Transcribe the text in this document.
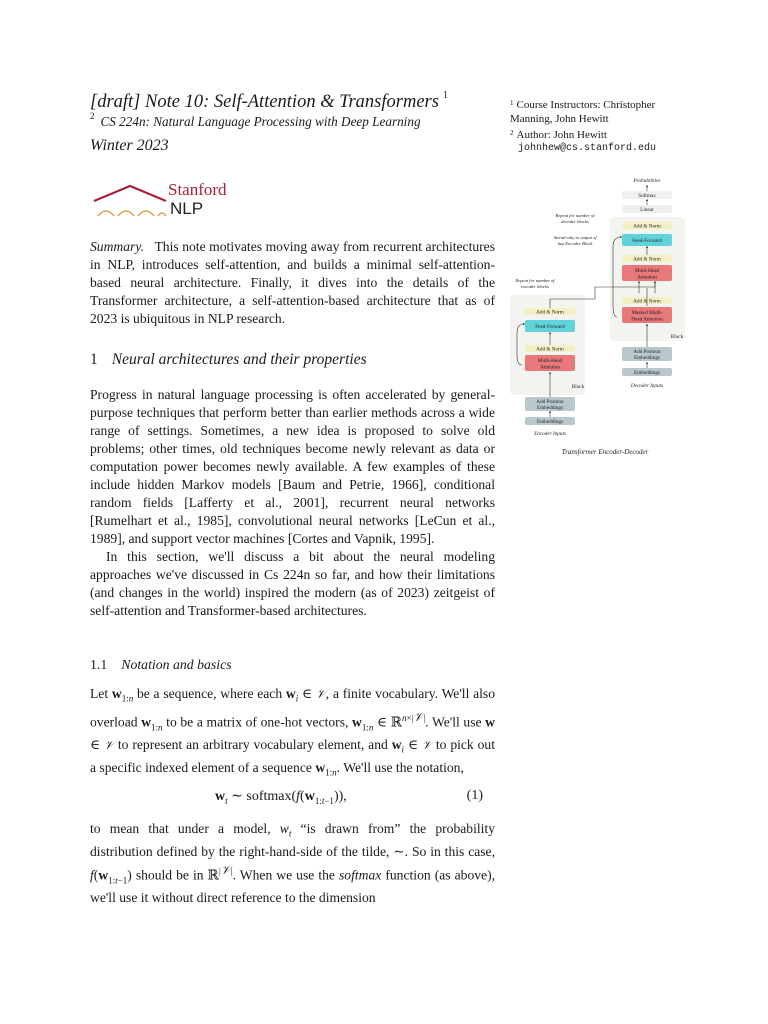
[draft] Note 10: Self-Attention & Transformers $^1$
$^2$ CS 224n: Natural Language Processing with Deep Learning
Winter 2023
Stanford
NLP

Summary. This note motivates moving away from recurrent architectures in NLP, introduces self-attention, and builds a minimal self-attention-based neural architecture. Finally, it dives into the details of the Transformer architecture, a self-attention-based architecture that as of 2023 is ubiquitous in NLP research.

1 Neural architectures and their properties

Progress in natural language processing is often accelerated by general-purpose techniques that perform better than earlier methods across a wide range of settings. Sometimes, a new idea is proposed to solve old problems; other times, old techniques become newly relevant as data or computation power becomes newly available. A few examples of these include hidden Markov models [Baum and Petrie, 1966], conditional random fields [Lafferty et al., 2001], recurrent neural networks [Rumelhart et al., 1985], convolutional neural networks [LeCun et al., 1989], and support vector machines [Cortes and Vapnik, 1995].

In this section, we'll discuss a bit about the neural modeling approaches we've discussed in Cs 224n so far, and how their limitations (and changes in the world) inspired the modern (as of 2023) zeitgeist of self-attention and Transformer-based architectures.

1.1 Notation and basics

Let $w_{1:n}$ be a sequence, where each $w_i$ ∈ 𝒱, a finite vocabulary. We'll also overload $w_{1:n}$ to be a matrix of one-hot vectors, $w_{1:n}$ ∈ ℝ$^{n\times|𝒱|}$. We'll use w ∈ 𝒱 to represent an arbitrary vocabulary element, and $w_i$ ∈ 𝒱 to pick out a specific indexed element of a sequence $w_{1:n}$. We'll use the notation,

$w_t$ ∼ $softmax(f(w_{1:t-1}))$,	(1)

to mean that under a model, $w_t$ “is drawn from” the probability distribution defined by the right-hand-side of the tilde, ∼. So in this case, $f(w_{1:t-1})$ should be in ℝ$^{|𝒱|}$. When we use the softmax function (as above), we'll use it without direct reference to the dimension

$^1$ Course Instructors: Christopher Manning, John Hewitt
$^2$ Author: John Hewitt
johnhew@cs.stanford.edu
Probabilities
Softmax
Linear
Add & Norm
Feed-Forward
Add & Norm
Multi-Head
Attention
Add & Norm
Masked Multi-
Head Attention
Block
Add Position
Embeddings
Embeddings
Decoder Inputs
Repeat for number of
decoder blocks
Attend only to output of
last Encoder Block
Repeat for number of
encoder blocks
Add & Norm
Feed-Forward
Add & Norm
Multi-Head
Attention
Block
Add Position
Embeddings
Embeddings
Encoder Inputs
Transformer Encoder-Decoder
